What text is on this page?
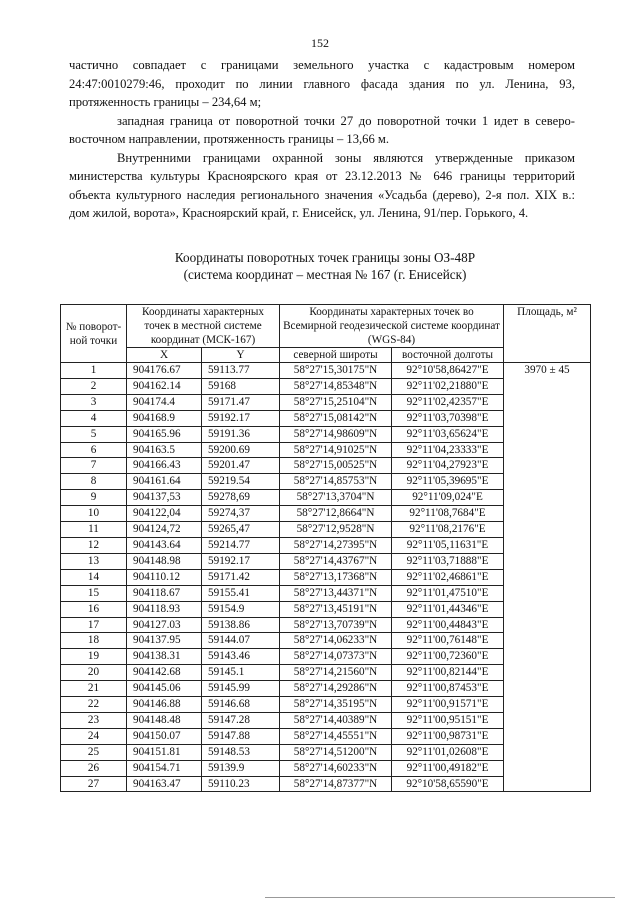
152

частично совпадает с границами земельного участка с кадастровым номером 24:47:0010279:46, проходит по линии главного фасада здания по ул. Ленина, 93, протяженность границы – 234,64 м;

западная граница от поворотной точки 27 до поворотной точки 1 идет в северо-восточном направлении, протяженность границы – 13,66 м.

Внутренними границами охранной зоны являются утвержденные приказом министерства культуры Красноярского края от 23.12.2013 № 646 границы территорий объекта культурного наследия регионального значения «Усадьба (дерево), 2-я пол. XIX в.: дом жилой, ворота», Красноярский край, г. Енисейск, ул. Ленина, 91/пер. Горького, 4.

Координаты поворотных точек границы зоны ОЗ-48Р
(система координат – местная № 167 (г. Енисейск)
№ поворот-ной точки	Координаты характерных точек в местной системе координат (МСК-167)		Координаты характерных точек во Всемирной геодезической системе координат (WGS-84)		Площадь, м²
	X	Y	северной широты	восточной долготы	
1	904176.67	59113.77	58°27'15,30175"N	92°10'58,86427"E	3970 ± 45
2	904162.14	59168	58°27'14,85348"N	92°11'02,21880"E	
3	904174.4	59171.47	58°27'15,25104"N	92°11'02,42357"E	
4	904168.9	59192.17	58°27'15,08142"N	92°11'03,70398"E	
5	904165.96	59191.36	58°27'14,98609"N	92°11'03,65624"E	
6	904163.5	59200.69	58°27'14,91025"N	92°11'04,23333"E	
7	904166.43	59201.47	58°27'15,00525"N	92°11'04,27923"E	
8	904161.64	59219.54	58°27'14,85753"N	92°11'05,39695"E	
9	904137,53	59278,69	58°27'13,3704"N	92°11'09,024"E	
10	904122,04	59274,37	58°27'12,8664"N	92°11'08,7684"E	
11	904124,72	59265,47	58°27'12,9528"N	92°11'08,2176"E	
12	904143.64	59214.77	58°27'14,27395"N	92°11'05,11631"E	
13	904148.98	59192.17	58°27'14,43767"N	92°11'03,71888"E	
14	904110.12	59171.42	58°27'13,17368"N	92°11'02,46861"E	
15	904118.67	59155.41	58°27'13,44371"N	92°11'01,47510"E	
16	904118.93	59154.9	58°27'13,45191"N	92°11'01,44346"E	
17	904127.03	59138.86	58°27'13,70739"N	92°11'00,44843"E	
18	904137.95	59144.07	58°27'14,06233"N	92°11'00,76148"E	
19	904138.31	59143.46	58°27'14,07373"N	92°11'00,72360"E	
20	904142.68	59145.1	58°27'14,21560"N	92°11'00,82144"E	
21	904145.06	59145.99	58°27'14,29286"N	92°11'00,87453"E	
22	904146.88	59146.68	58°27'14,35195"N	92°11'00,91571"E	
23	904148.48	59147.28	58°27'14,40389"N	92°11'00,95151"E	
24	904150.07	59147.88	58°27'14,45551"N	92°11'00,98731"E	
25	904151.81	59148.53	58°27'14,51200"N	92°11'01,02608"E	
26	904154.71	59139.9	58°27'14,60233"N	92°11'00,49182"E	
27	904163.47	59110.23	58°27'14,87377"N	92°10'58,65590"E	
